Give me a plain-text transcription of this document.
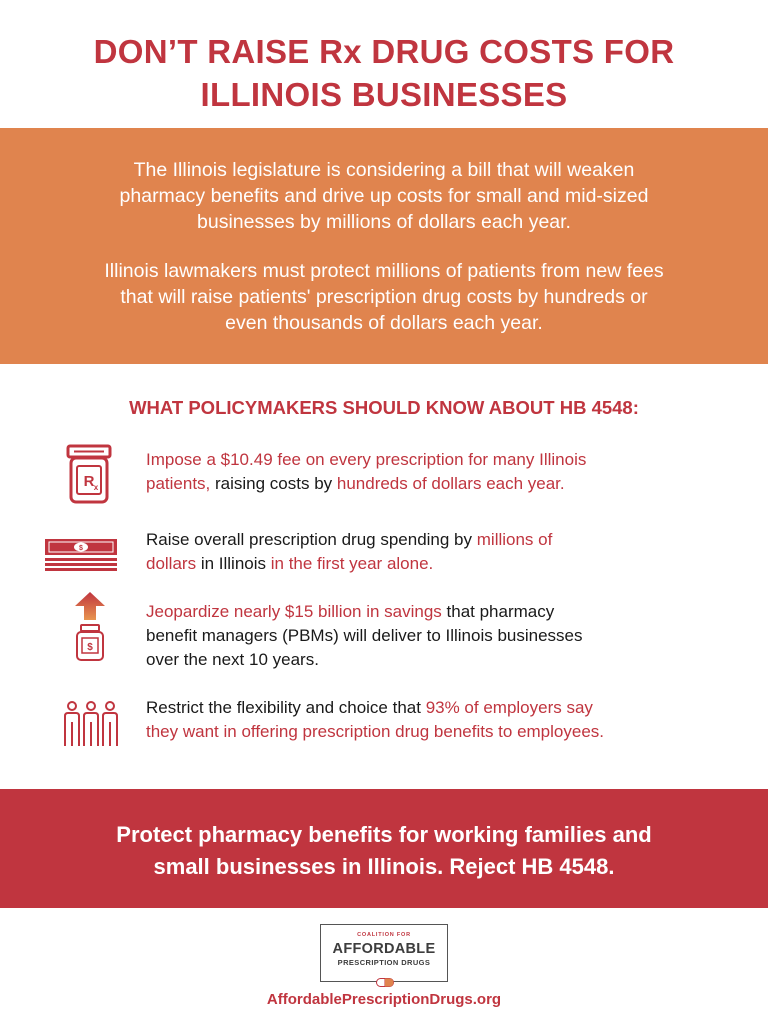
DON’T RAISE Rx DRUG COSTS FOR
ILLINOIS BUSINESSES
The Illinois legislature is considering a bill that will weaken
pharmacy benefits and drive up costs for small and mid-sized
businesses by millions of dollars each year.
Illinois lawmakers must protect millions of patients from new fees
that will raise patients' prescription drug costs by hundreds or
even thousands of dollars each year.
WHAT POLICYMAKERS SHOULD KNOW ABOUT HB 4548:
R x
Impose a $10.49 fee on every prescription for many Illinois
patients, raising costs by hundreds of dollars each year.
$	Raise overall prescription drug spending by millions of
dollars in Illinois in the first year alone.
$
Jeopardize nearly $15 billion in savings that pharmacy
benefit managers (PBMs) will deliver to Illinois businesses
over the next 10 years.
Restrict the flexibility and choice that 93% of employers say
they want in offering prescription drug benefits to employees.
Protect pharmacy benefits for working families and
small businesses in Illinois. Reject HB 4548.
COALITION FOR
AFFORDABLE
PRESCRIPTION DRUGS
AffordablePrescriptionDrugs.org
